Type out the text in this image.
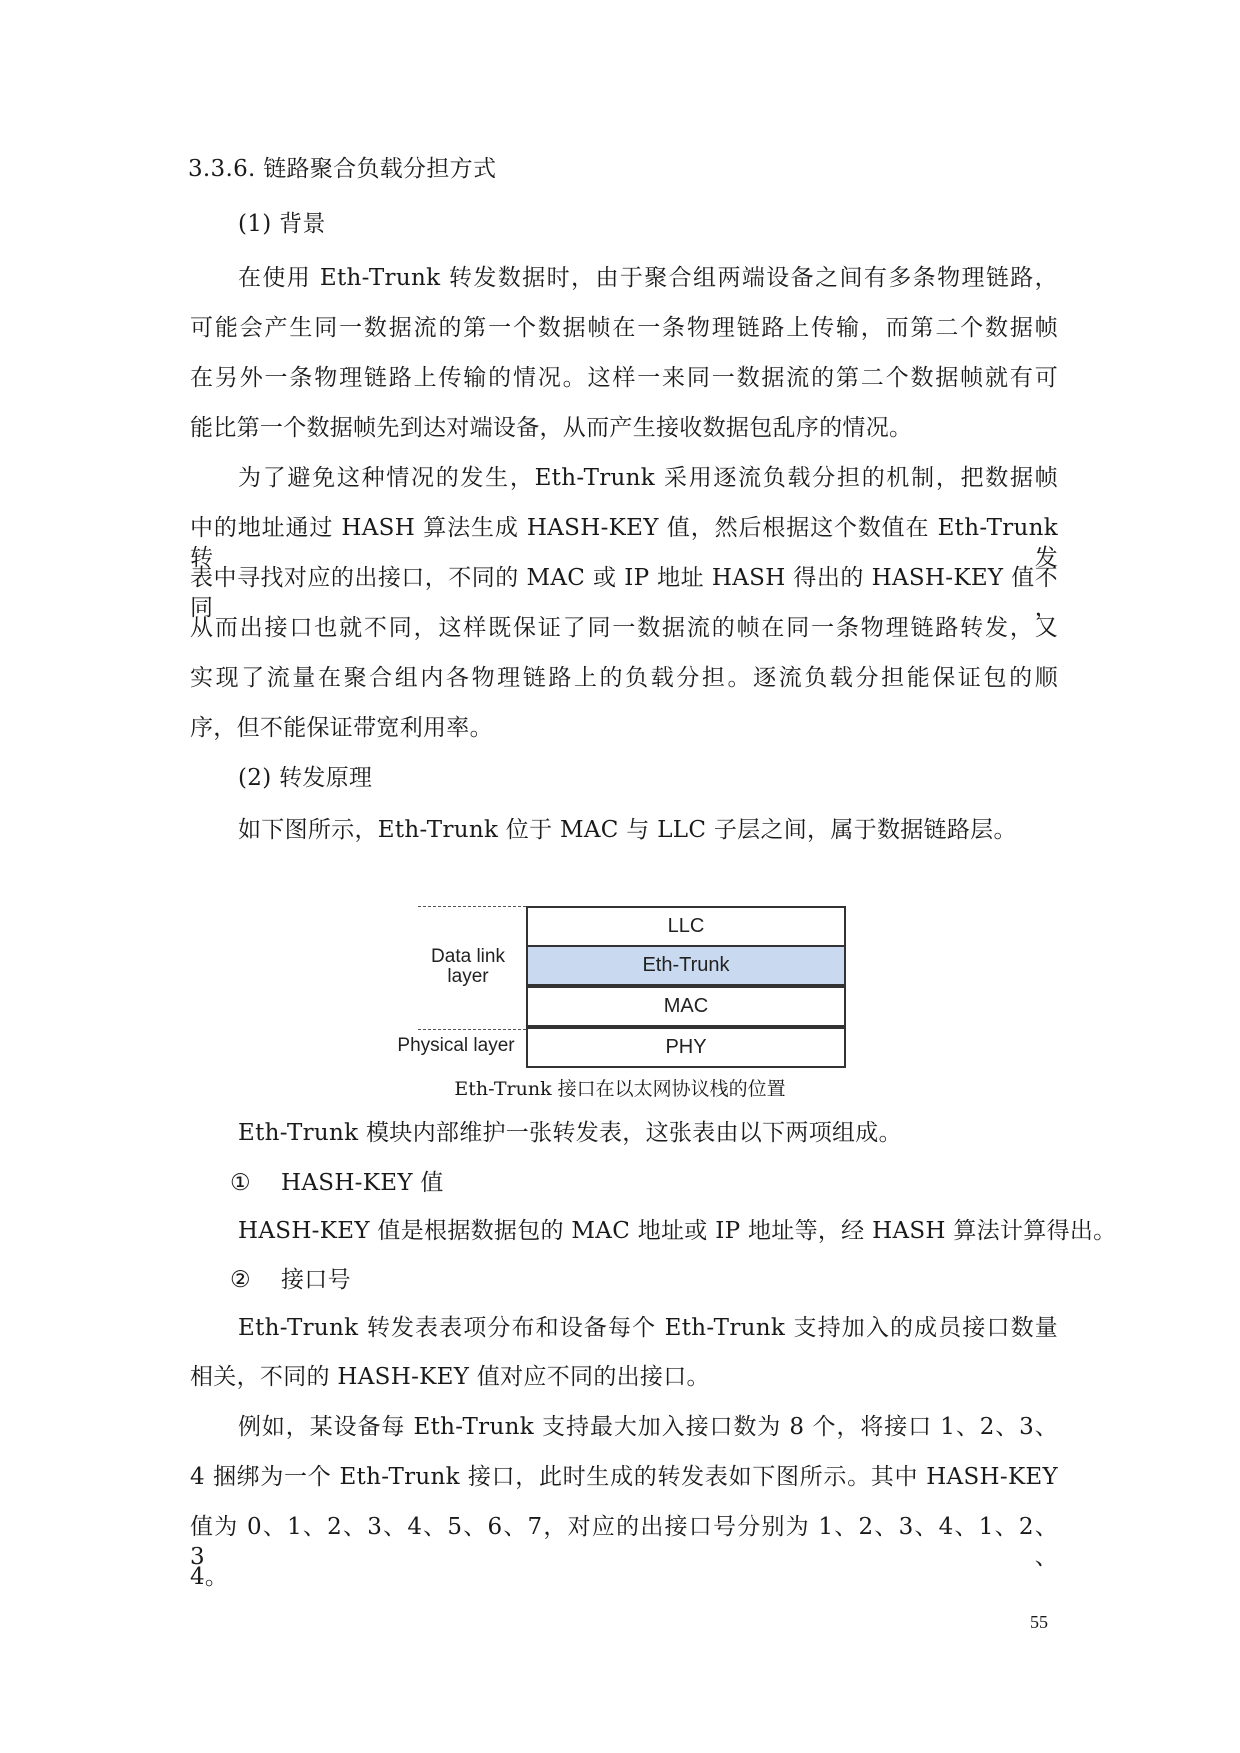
3.3.6. 链路聚合负载分担方式
(1) 背景
在使用 Eth-Trunk 转发数据时，由于聚合组两端设备之间有多条物理链路，
可能会产生同一数据流的第一个数据帧在一条物理链路上传输，而第二个数据帧
在另外一条物理链路上传输的情况。这样一来同一数据流的第二个数据帧就有可
能比第一个数据帧先到达对端设备，从而产生接收数据包乱序的情况。
为了避免这种情况的发生，Eth-Trunk 采用逐流负载分担的机制，把数据帧
中的地址通过 HASH 算法生成 HASH-KEY 值，然后根据这个数值在 Eth-Trunk 转发
表中寻找对应的出接口，不同的 MAC 或 IP 地址 HASH 得出的 HASH-KEY 值不同，
从而出接口也就不同，这样既保证了同一数据流的帧在同一条物理链路转发，又
实现了流量在聚合组内各物理链路上的负载分担。逐流负载分担能保证包的顺
序，但不能保证带宽利用率。
(2) 转发原理
如下图所示，Eth-Trunk 位于 MAC 与 LLC 子层之间，属于数据链路层。
Data link
layer
Physical layer
LLC
Eth-Trunk
MAC
PHY
Eth-Trunk 接口在以太网协议栈的位置
Eth-Trunk 模块内部维护一张转发表，这张表由以下两项组成。
① HASH-KEY 值
HASH-KEY 值是根据数据包的 MAC 地址或 IP 地址等，经 HASH 算法计算得出。
② 接口号
Eth-Trunk 转发表表项分布和设备每个 Eth-Trunk 支持加入的成员接口数量
相关，不同的 HASH-KEY 值对应不同的出接口。
例如，某设备每 Eth-Trunk 支持最大加入接口数为 8 个，将接口 1、2、3、
4 捆绑为一个 Eth-Trunk 接口，此时生成的转发表如下图所示。其中 HASH-KEY
值为 0、1、2、3、4、5、6、7，对应的出接口号分别为 1、2、3、4、1、2、3、
4。
55
